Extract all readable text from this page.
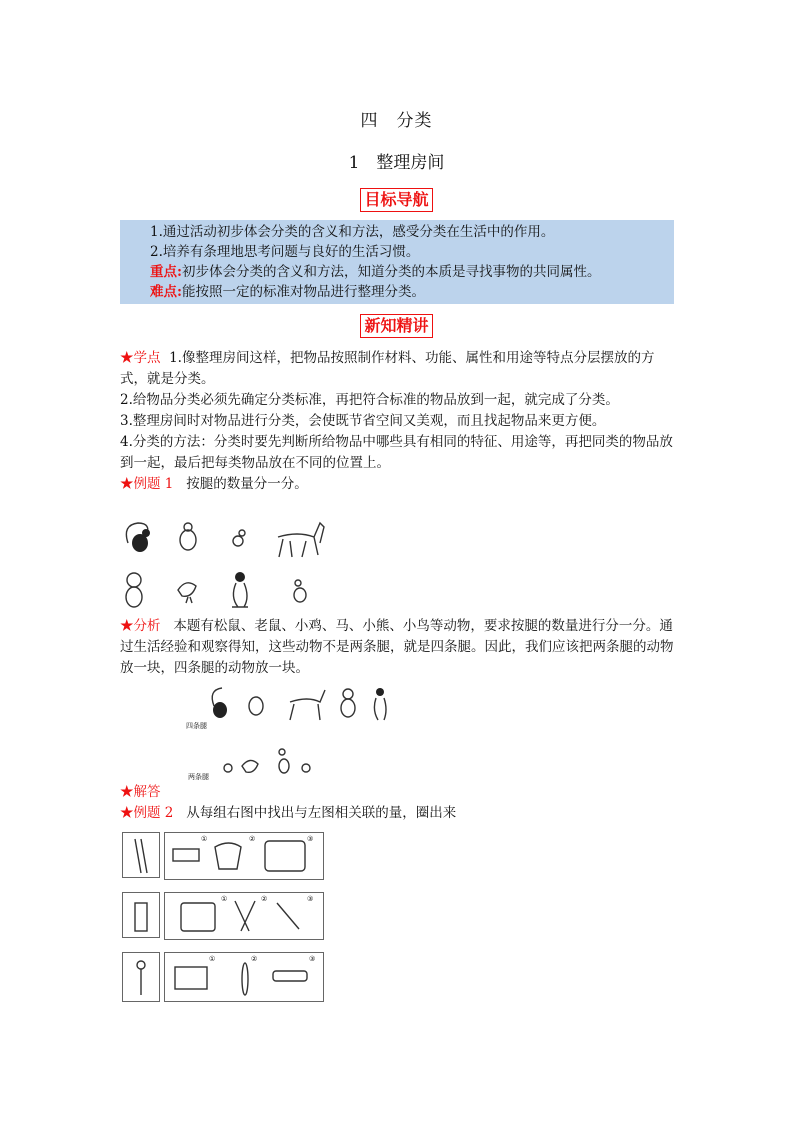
四　分类
1　整理房间
目标导航

1.通过活动初步体会分类的含义和方法，感受分类在生活中的作用。

2.培养有条理地思考问题与良好的生活习惯。

重点:初步体会分类的含义和方法，知道分类的本质是寻找事物的共同属性。

难点:能按照一定的标准对物品进行整理分类。

新知精讲

★学点 1.像整理房间这样，把物品按照制作材料、功能、属性和用途等特点分层摆放的方式，就是分类。

2.给物品分类必须先确定分类标准，再把符合标准的物品放到一起，就完成了分类。

3.整理房间时对物品进行分类，会使既节省空间又美观，而且找起物品来更方便。

4.分类的方法：分类时要先判断所给物品中哪些具有相同的特征、用途等，再把同类的物品放到一起，最后把每类物品放在不同的位置上。

★例题 1 按腿的数量分一分。

★分析 本题有松鼠、老鼠、小鸡、马、小熊、小鸟等动物，要求按腿的数量进行分一分。通过生活经验和观察得知，这些动物不是两条腿，就是四条腿。因此，我们应该把两条腿的动物放一块，四条腿的动物放一块。

四条腿
两条腿

★解答

★例题 2 从每组右图中找出与左图相关联的量，圈出来

①	②	③
①	②	③
①	②	③
